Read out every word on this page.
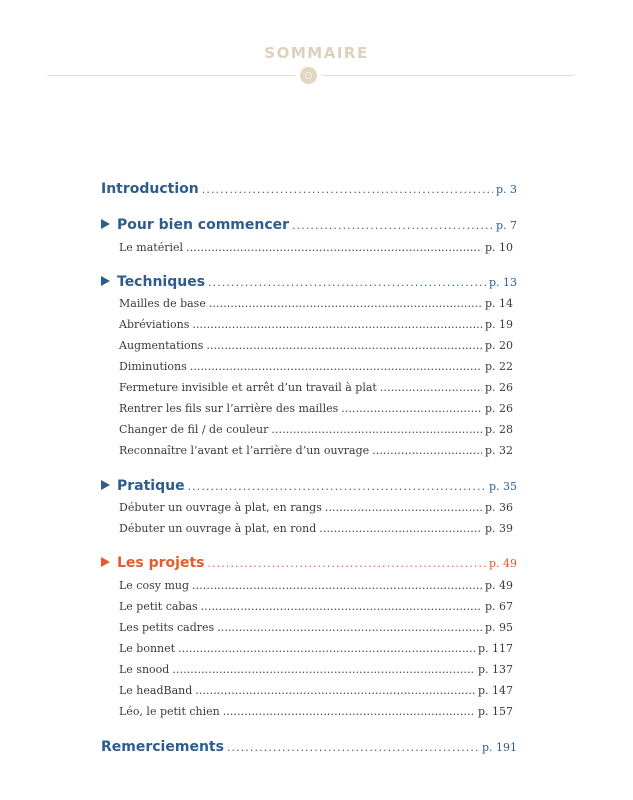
SOMMAIRE
Introduction . . .	p. 3
Pour bien commencer . . .	p. 7
Le matériel . . .	p. 10
Techniques . . .	p. 13
Mailles de base . . .	p. 14
Abréviations . . .	p. 19
Augmentations . . .	p. 20
Diminutions . . .	p. 22
Fermeture invisible et arrêt d’un travail à plat . . .	p. 26
Rentrer les fils sur l’arrière des mailles . . .	p. 26
Changer de fil / de couleur . . .	p. 28
Reconnaître l’avant et l’arrière d’un ouvrage . . .	p. 32
Pratique . . .	p. 35
Débuter un ouvrage à plat, en rangs . . .	p. 36
Débuter un ouvrage à plat, en rond . . .	p. 39
Les projets . . .	p. 49
Le cosy mug . . .	p. 49
Le petit cabas . . .	p. 67
Les petits cadres . . .	p. 95
Le bonnet . . .	p. 117
Le snood . . .	p. 137
Le headBand . . .	p. 147
Léo, le petit chien . . .	p. 157
Remerciements . . .	p. 191
